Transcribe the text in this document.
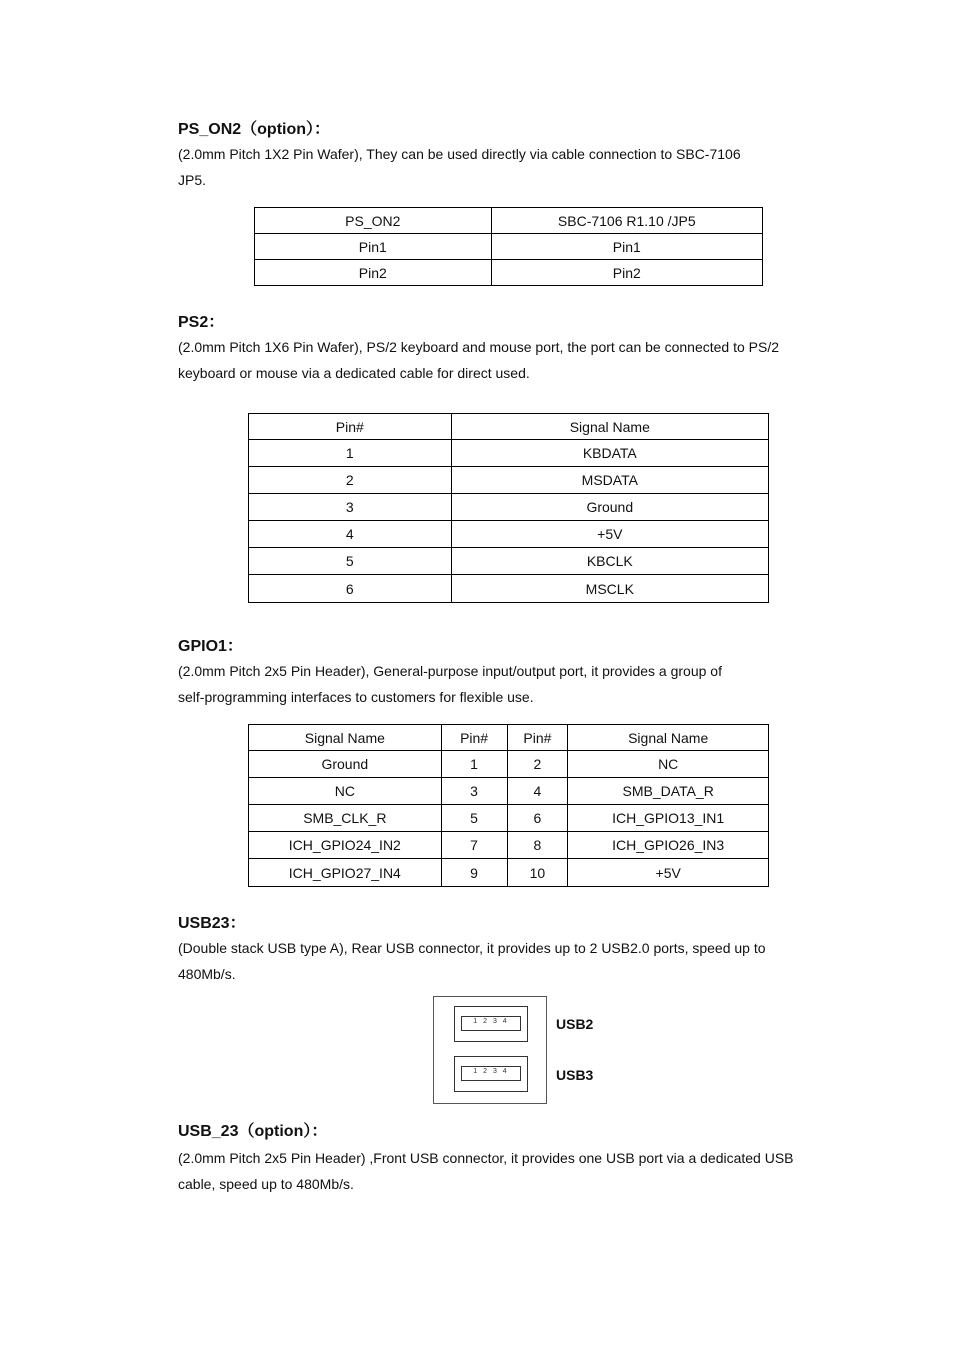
PS_ON2（option）：
(2.0mm Pitch 1X2 Pin Wafer), They can be used directly via cable connection to SBC-7106
JP5.
PS_ON2	SBC-7106 R1.10 /JP5
Pin1	Pin1
Pin2	Pin2
PS2：
(2.0mm Pitch 1X6 Pin Wafer), PS/2 keyboard and mouse port, the port can be connected to PS/2
keyboard or mouse via a dedicated cable for direct used.
Pin#	Signal Name
1	KBDATA
2	MSDATA
3	Ground
4	+5V
5	KBCLK
6	MSCLK
GPIO1：
(2.0mm Pitch 2x5 Pin Header), General-purpose input/output port, it provides a group of
self-programming interfaces to customers for flexible use.
Signal Name	Pin#	Pin#	Signal Name
Ground	1	2	NC
NC	3	4	SMB_DATA_R
SMB_CLK_R	5	6	ICH_GPIO13_IN1
ICH_GPIO24_IN2	7	8	ICH_GPIO26_IN3
ICH_GPIO27_IN4	9	10	+5V
USB23：
(Double stack USB type A), Rear USB connector, it provides up to 2 USB2.0 ports, speed up to
480Mb/s.
1 2 3 4
1 2 3 4
USB2
USB3
USB_23（option）：
(2.0mm Pitch 2x5 Pin Header) ,Front USB connector, it provides one USB port via a dedicated USB
cable, speed up to 480Mb/s.
